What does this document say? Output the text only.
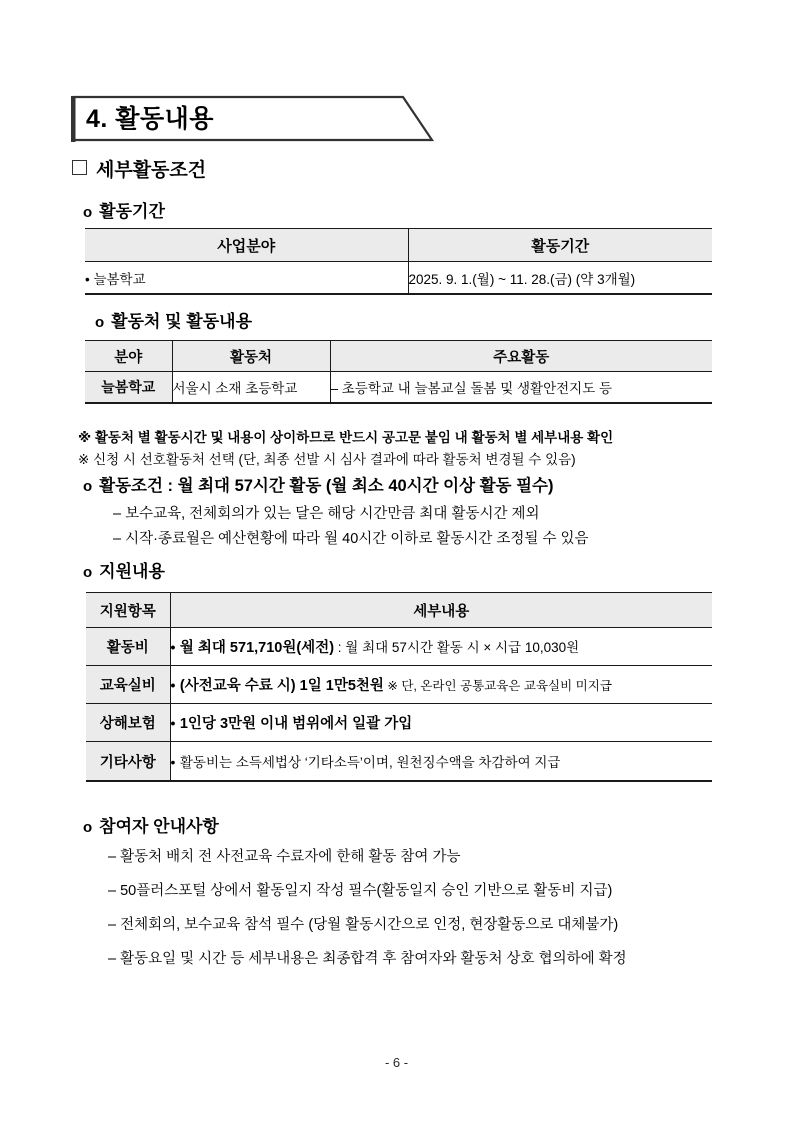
4. 활동내용
세부활동조건
o 활동기간
사업분야	활동기간
• 늘봄학교	2025. 9. 1.(월) ~ 11. 28.(금) (약 3개월)
o 활동처 및 활동내용
분야	활동처	주요활동
늘봄학교	서울시 소재 초등학교	– 초등학교 내 늘봄교실 돌봄 및 생활안전지도 등
※ 활동처 별 활동시간 및 내용이 상이하므로 반드시 공고문 붙임 내 활동처 별 세부내용 확인
※ 신청 시 선호활동처 선택 (단, 최종 선발 시 심사 결과에 따라 활동처 변경될 수 있음)
o 활동조건 : 월 최대 57시간 활동 (월 최소 40시간 이상 활동 필수)
– 보수교육, 전체회의가 있는 달은 해당 시간만큼 최대 활동시간 제외
– 시작·종료월은 예산현황에 따라 월 40시간 이하로 활동시간 조정될 수 있음
o 지원내용
지원항목	세부내용
활동비	• 월 최대 571,710원(세전) : 월 최대 57시간 활동 시 × 시급 10,030원
교육실비	• (사전교육 수료 시) 1일 1만5천원 ※ 단, 온라인 공통교육은 교육실비 미지급
상해보험	• 1인당 3만원 이내 범위에서 일괄 가입
기타사항	• 활동비는 소득세법상 ‘기타소득’이며, 원천징수액을 차감하여 지급
o 참여자 안내사항
– 활동처 배치 전 사전교육 수료자에 한해 활동 참여 가능
– 50플러스포털 상에서 활동일지 작성 필수(활동일지 승인 기반으로 활동비 지급)
– 전체회의, 보수교육 참석 필수 (당월 활동시간으로 인정, 현장활동으로 대체불가)
– 활동요일 및 시간 등 세부내용은 최종합격 후 참여자와 활동처 상호 협의하에 확정
- 6 -
